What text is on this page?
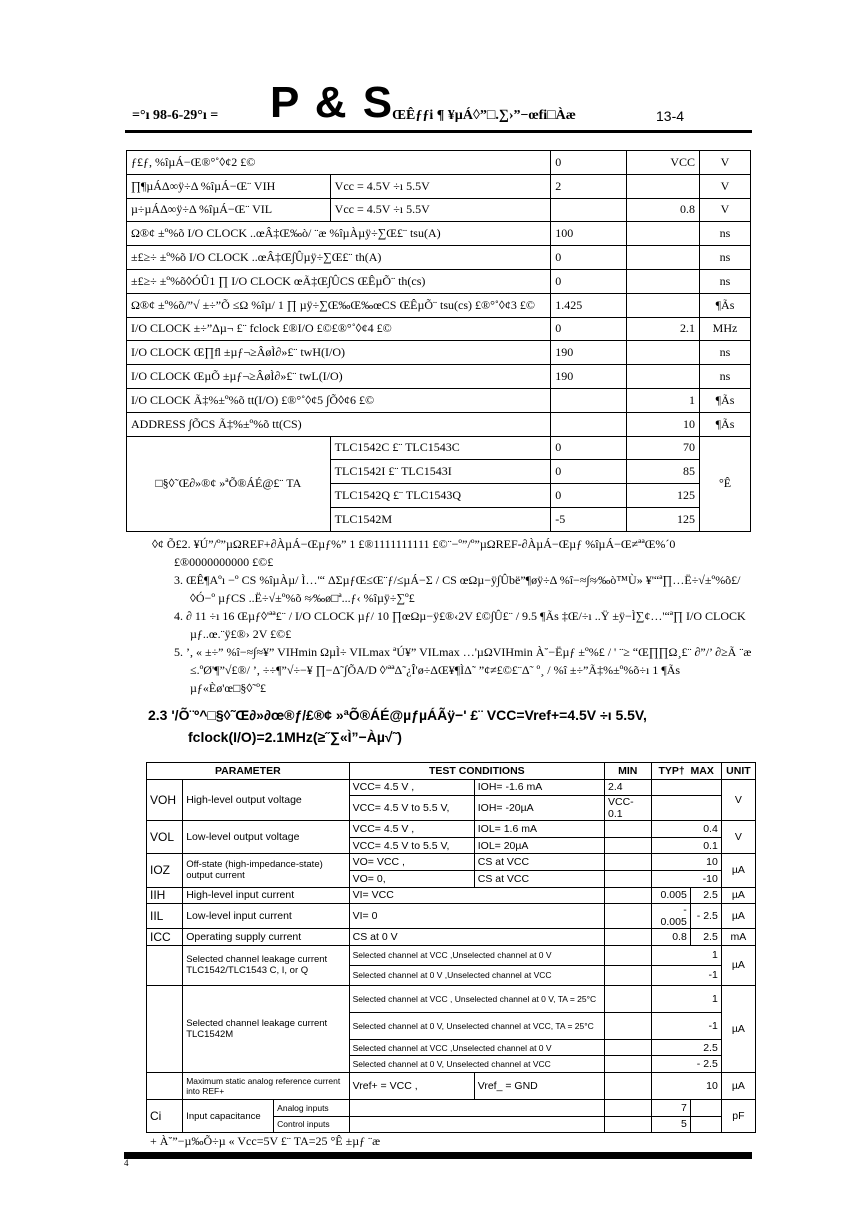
=°ı 98-6-29°ı = P & S
ŒÊƒƒi ¶ ¥µÁ◊”□.∑›”−œfi□Àæ	13-4
ƒ£ƒ, %îµÁ−Œ®°˚◊¢2 £©		0	VCC	V
∏¶µÁΔ∞ÿ÷Δ %îµÁ−Œ¨ VIH	Vcc = 4.5V ÷ı 5.5V	2		V
µ÷µÁΔ∞ÿ÷Δ %îµÁ−Œ¨ VIL	Vcc = 4.5V ÷ı 5.5V		0.8	V
Ω®¢ ±º%õ I/O CLOCK ..œÂ‡Œ‰ò/ ¨æ %îµÀµÿ÷∑Œ£¨ tsu(A)		100		ns
±£≥÷ ±º%õ I/O CLOCK ..œÂ‡Œ∫Ûµÿ÷∑Œ£¨ th(A)		0		ns
±£≥÷ ±º%õ◊ÓÛ1 ∏ I/O CLOCK œÃ‡Œ∫ÛCS ŒÊµÕ¨ th(cs)		0		ns
Ω®¢ ±º%õ/”√ ±÷”Õ ≤Ω %îµ/ 1 ∏ µÿ÷∑Œ‰Œ‰œCS ŒÊµÕ¨ tsu(cs) £®°˚◊¢3 £©		1.425		¶Ãs
I/O CLOCK ±÷”Δµ¬ £¨ fclock £®I/O £©£®°˚◊¢4 £©		0	2.1	MHz
I/O CLOCK Œ∏ﬂ ±µƒ¬≥ÂøÌ∂»£¨ twH(I/O)		190		ns
I/O CLOCK ŒµÕ ±µƒ¬≥ÂøÌ∂»£¨ twL(I/O)		190		ns
I/O CLOCK Ã‡%±º%õ tt(I/O) £®°˚◊¢5 ∫Õ◊¢6 £©			1	¶Ãs
ADDRESS ∫ÕCS Ã‡%±º%õ tt(CS)			10	¶Ãs
□§◊˜Œ∂»®¢ »ªÕ®ÁÉ@£¨ TA	TLC1542C £¨ TLC1543C	0	70	°Ê
	TLC1542I £¨ TLC1543I	0	85	
	TLC1542Q £¨ TLC1543Q	0	125	
	TLC1542M	-5	125	
◊¢ Õ£2. ¥Ú”/º”µΩREF+∂ÀµÁ−Œµƒ%” 1 £®1111111111 £©¨−º”/º”µΩREF-∂ÀµÁ−Œµƒ %îµÁ−Œ≠ªªŒ%´0 £®0000000000 £©£
3. ŒÊ¶Aºı −º CS %îµÀµ/ Ì…'“ ΔΣµƒŒ≤Œ¨ƒ/≤µÁ−Σ / CS œΩµ−ÿ∫Ûbë”¶øÿ÷Δ %î−≈∫≈⁄‰ò™Ù» ¥'“ª∏…Ë÷√±º%õ£/◊Ó−º µƒCS ..Ë÷√±º%õ ≈⁄‰ø□ª...ƒ‹ %îµÿ÷∑º£
4. ∂ 11 ÷ı 16 Œµƒ◊'ªª£¨ / I/O CLOCK µƒ/ 10 ∏œΩµ−ÿ£®‹2V £©∫Û£¨ / 9.5 ¶Ãs ‡Œ/÷ı ..Ÿ ±ÿ−Ì∑¢…'“ª∏ I/O CLOCK µƒ..œ.¨ÿ£®› 2V £©£
5. ’, « ±÷” %î−≈∫≈¥” VIHmin ΩµÌ÷ VILmax ªÚ¥” VILmax …'µΩVIHmin À˘−Ëµƒ ±º%£ / ' ¨≥ “Œ∏∏Ω¸£¨ ∂”/’ ∂≥Ã ¨æ ≤.ºØ'¶”√£®/ ’, ÷÷¶”√÷−¥ ∏−Δ˜∫ÕA/D ◊'ªªΔ˜¿Î'ø÷ΔŒ¥¶ÌΔ˜ ”¢≠£©£¨Δ˜ º¸ / %î ±÷”Ã‡%±º%õ÷ı 1 ¶Ãs µƒ«Èø'œ□§◊˜º£
2.3 '/Õ¨º^□§◊˜Œ∂»∂œ®ƒ/£®¢ »ªÕ®ÁÉ@µƒµÁÃÿ−' £¨ VCC=Vref+=4.5V ÷ı 5.5V,
fclock(I/O)=2.1MHz(≥˝∑«Ì”−Àµ√˜)
PARAMETER			TEST CONDITIONS		MIN	TYP† MAX		UNIT
VOH	High-level output voltage		VCC= 4.5 V ,	IOH= -1.6 mA	2.4			V
			VCC= 4.5 V to 5.5 V,	IOH= -20µA	VCC-0.1			
VOL	Low-level output voltage		VCC= 4.5 V ,	IOL= 1.6 mA		0.4		V
			VCC= 4.5 V to 5.5 V,	IOL= 20µA		0.1		
IOZ	Off-state (high-impedance-state) output current		VO= VCC ,	CS at VCC		10		µA
			VO= 0,	CS at VCC		-10		
IIH	High-level input current		VI= VCC			0.005	2.5	µA
IIL	Low-level input current		VI= 0			- 0.005	- 2.5	µA
ICC	Operating supply current		CS at 0 V			0.8	2.5	mA
	Selected channel leakage current TLC1542/TLC1543 C, I, or Q		Selected channel at VCC ,Unselected channel at 0 V			1		µA
			Selected channel at 0 V ,Unselected channel at VCC			-1		
	Selected channel leakage current TLC1542M		Selected channel at VCC , Unselected channel at 0 V, TA = 25°C			1		µA
			Selected channel at 0 V, Unselected channel at VCC, TA = 25°C			-1		
			Selected channel at VCC ,Unselected channel at 0 V			2.5		
			Selected channel at 0 V, Unselected channel at VCC			- 2.5		
	Maximum static analog reference current into REF+		Vref+ = VCC ,	Vref_ = GND		10		µA
Ci	Input capacitance	Analog inputs				7		pF
		Control inputs				5		
+ À˘”−µ‰Õ÷µ « Vcc=5V £¨ TA=25 °Ê ±µƒ ¨æ
4
